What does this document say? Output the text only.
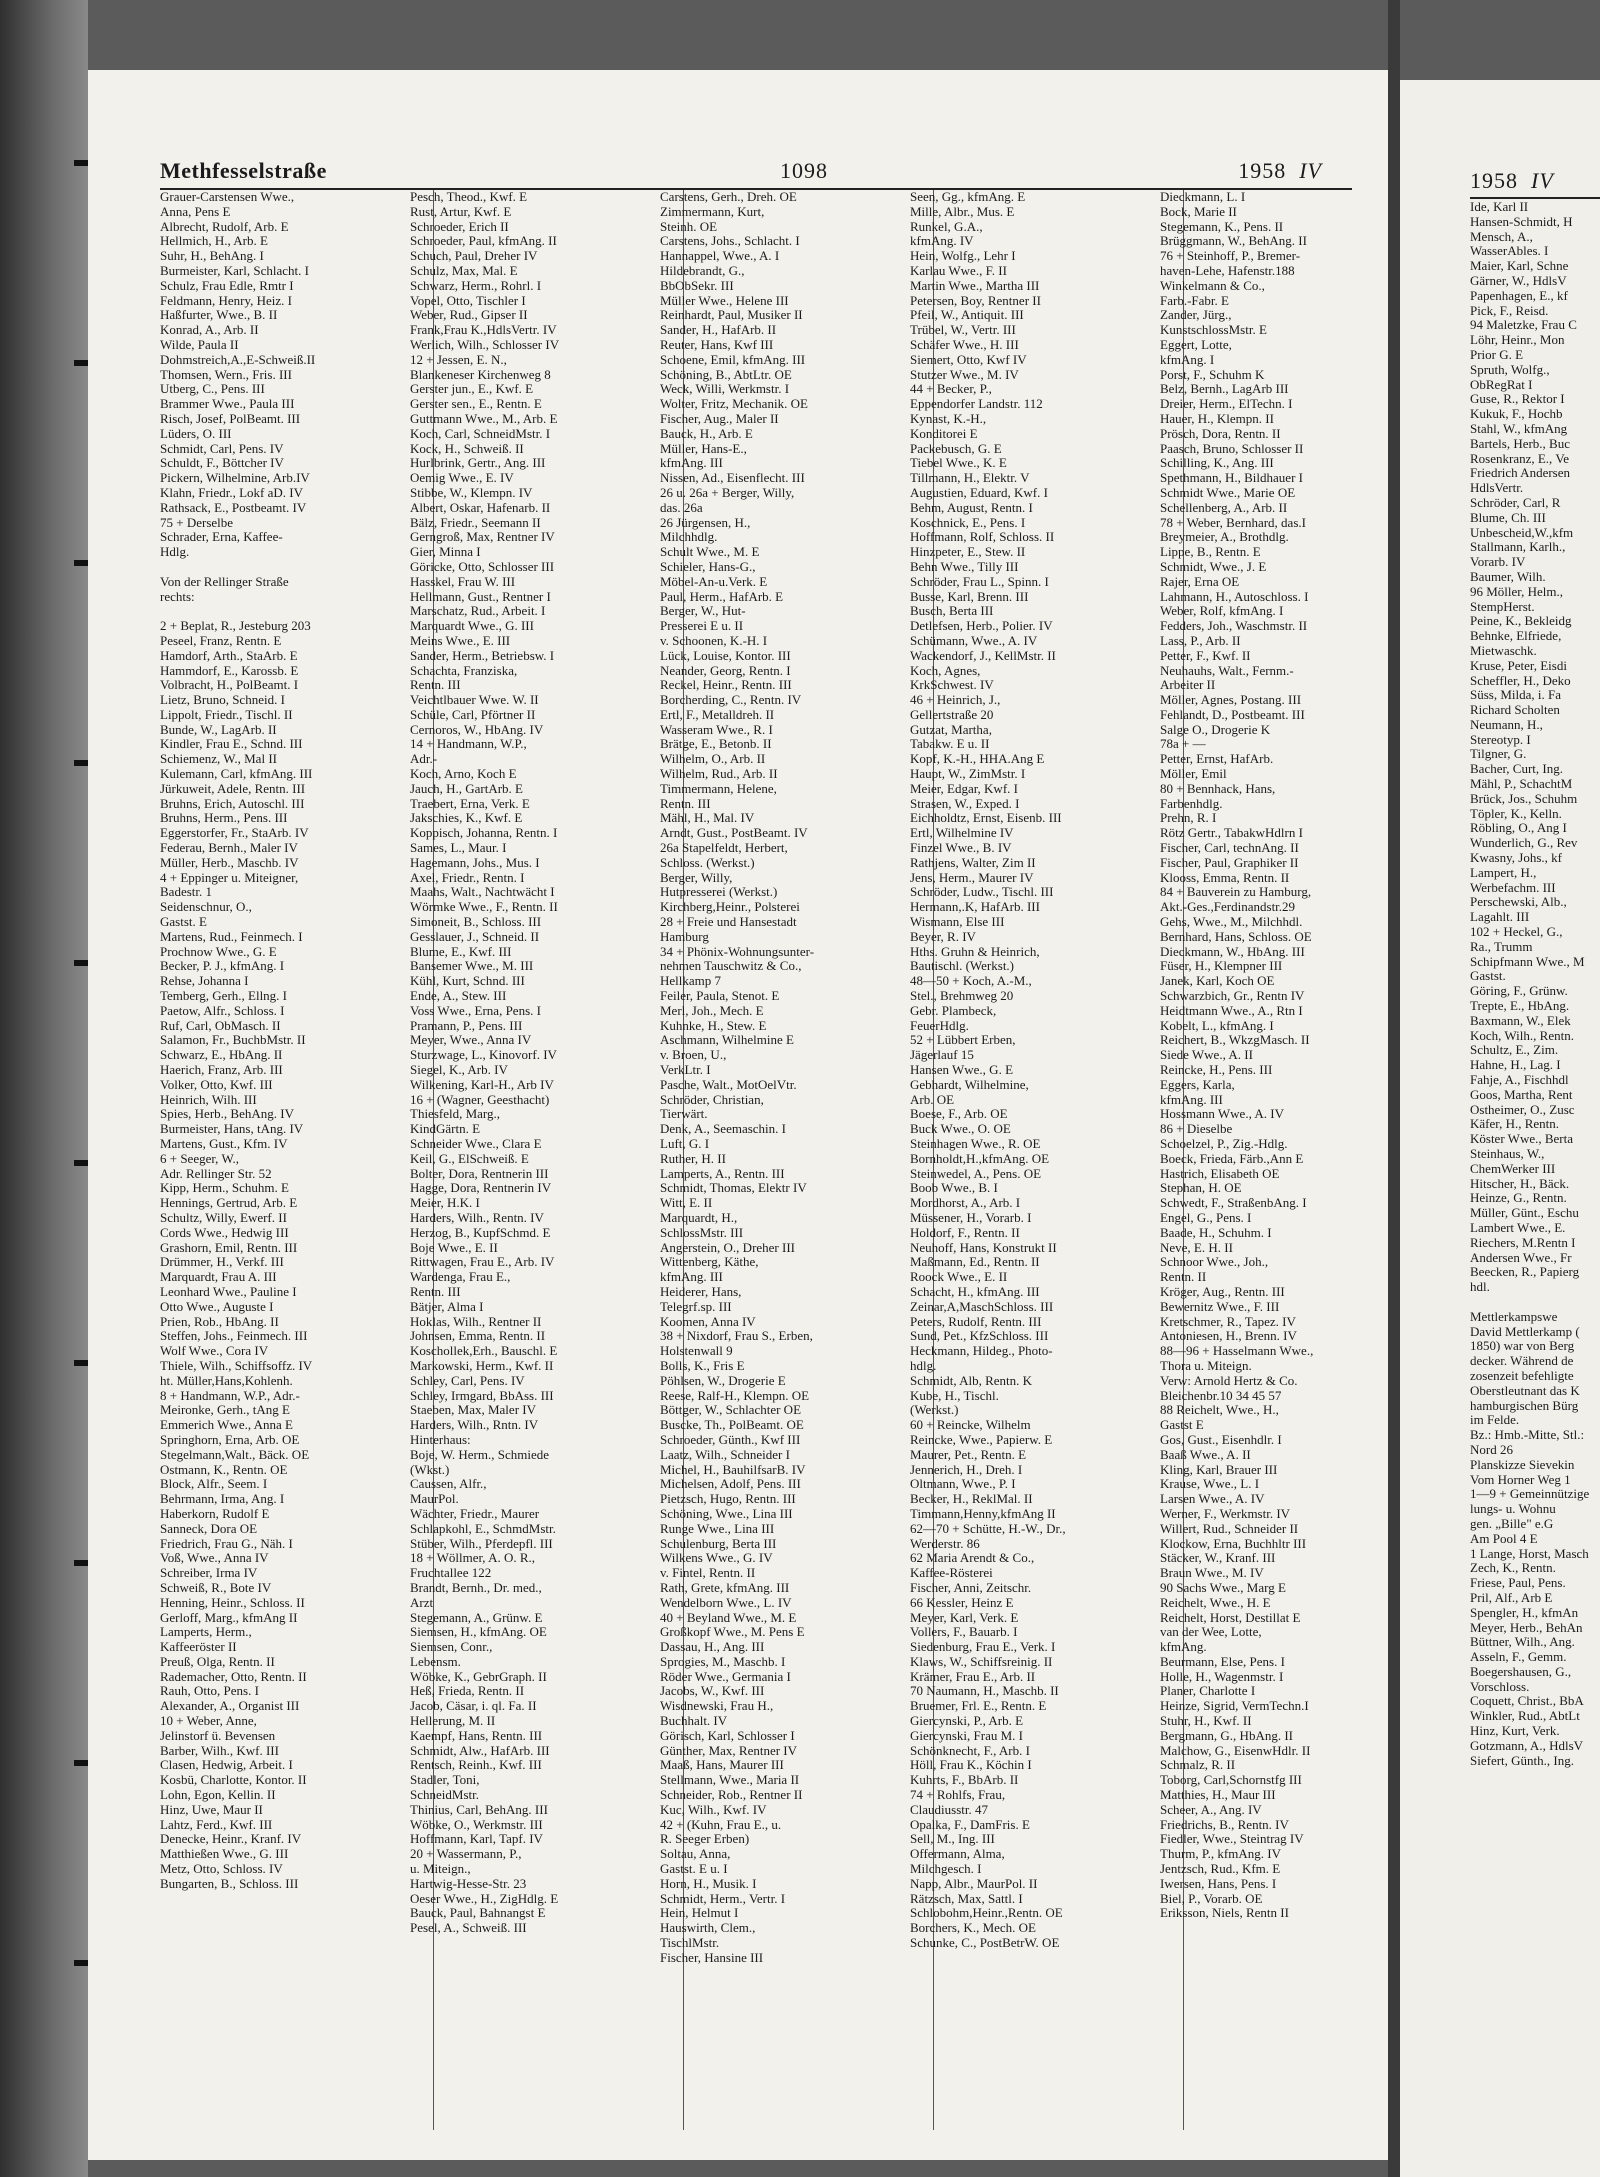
Methfesselstraße	1098	1958 IV
Grauer-Carstensen Wwe.,
Anna, Pens E
Albrecht, Rudolf, Arb. E
Hellmich, H., Arb. E
Suhr, H., BehAng. I
Burmeister, Karl, Schlacht. I
Schulz, Frau Edle, Rmtr I
Feldmann, Henry, Heiz. I
Haßfurter, Wwe., B. II
Konrad, A., Arb. II
Wilde, Paula II
Dohmstreich,A.,E-Schweiß.II
Thomsen, Wern., Fris. III
Utberg, C., Pens. III
Brammer Wwe., Paula III
Risch, Josef, PolBeamt. III
Lüders, O. III
Schmidt, Carl, Pens. IV
Schuldt, F., Böttcher IV
Pickern, Wilhelmine, Arb.IV
Klahn, Friedr., Lokf aD. IV
Rathsack, E., Postbeamt. IV
75 + Derselbe
Schrader, Erna, Kaffee-
Hdlg.

Von der Rellinger Straße
rechts:

2 + Beplat, R., Jesteburg 203
Peseel, Franz, Rentn. E
Hamdorf, Arth., StaArb. E
Hammdorf, E., Karossb. E
Volbracht, H., PolBeamt. I
Lietz, Bruno, Schneid. I
Lippolt, Friedr., Tischl. II
Bunde, W., LagArb. II
Kindler, Frau E., Schnd. III
Schiemenz, W., Mal II
Kulemann, Carl, kfmAng. III
Jürkuweit, Adele, Rentn. III
Bruhns, Erich, Autoschl. III
Bruhns, Herm., Pens. III
Eggerstorfer, Fr., StaArb. IV
Federau, Bernh., Maler IV
Müller, Herb., Maschb. IV
4 + Eppinger u. Miteigner,
Badestr. 1
Seidenschnur, O.,
Gastst. E
Martens, Rud., Feinmech. I
Prochnow Wwe., G. E
Becker, P. J., kfmAng. I
Rehse, Johanna I
Temberg, Gerh., Ellng. I
Paetow, Alfr., Schloss. I
Ruf, Carl, ObMasch. II
Salamon, Fr., BuchbMstr. II
Schwarz, E., HbAng. II
Haerich, Franz, Arb. III
Volker, Otto, Kwf. III
Heinrich, Wilh. III
Spies, Herb., BehAng. IV
Burmeister, Hans, tAng. IV
Martens, Gust., Kfm. IV
6 + Seeger, W.,
Adr. Rellinger Str. 52
Kipp, Herm., Schuhm. E
Hennings, Gertrud, Arb. E
Schultz, Willy, Ewerf. II
Cords Wwe., Hedwig III
Grashorn, Emil, Rentn. III
Drümmer, H., Verkf. III
Marquardt, Frau A. III
Leonhard Wwe., Pauline I
Otto Wwe., Auguste I
Prien, Rob., HbAng. II
Steffen, Johs., Feinmech. III
Wolf Wwe., Cora IV
Thiele, Wilh., Schiffsoffz. IV
ht. Müller,Hans,Kohlenh.
8 + Handmann, W.P., Adr.-
Meironke, Gerh., tAng E
Emmerich Wwe., Anna E
Springhorn, Erna, Arb. OE
Stegelmann,Walt., Bäck. OE
Ostmann, K., Rentn. OE
Block, Alfr., Seem. I
Behrmann, Irma, Ang. I
Haberkorn, Rudolf E
Sanneck, Dora OE
Friedrich, Frau G., Näh. I
Voß, Wwe., Anna IV
Schreiber, Irma IV
Schweiß, R., Bote IV
Henning, Heinr., Schloss. II
Gerloff, Marg., kfmAng II
Lamperts, Herm.,
Kaffeeröster II
Preuß, Olga, Rentn. II
Rademacher, Otto, Rentn. II
Rauh, Otto, Pens. I
Alexander, A., Organist III
10 + Weber, Anne,
Jelinstorf ü. Bevensen
Barber, Wilh., Kwf. III
Clasen, Hedwig, Arbeit. I
Kosbü, Charlotte, Kontor. II
Lohn, Egon, Kellin. II
Hinz, Uwe, Maur II
Lahtz, Ferd., Kwf. III
Denecke, Heinr., Kranf. IV
Matthießen Wwe., G. III
Metz, Otto, Schloss. IV
Bungarten, B., Schloss. III
Pesch, Theod., Kwf. E
Rust, Artur, Kwf. E
Schroeder, Erich II
Schroeder, Paul, kfmAng. II
Schuch, Paul, Dreher IV
Schulz, Max, Mal. E
Schwarz, Herm., Rohrl. I
Vopel, Otto, Tischler I
Weber, Rud., Gipser II
Frank,Frau K.,HdlsVertr. IV
Werlich, Wilh., Schlosser IV
12 + Jessen, E. N.,
Blankeneser Kirchenweg 8
Gerster jun., E., Kwf. E
Gerster sen., E., Rentn. E
Guttmann Wwe., M., Arb. E
Koch, Carl, SchneidMstr. I
Kock, H., Schweiß. II
Hurlbrink, Gertr., Ang. III
Oemig Wwe., E. IV
Stibbe, W., Klempn. IV
Albert, Oskar, Hafenarb. II
Bälz, Friedr., Seemann II
Gerngroß, Max, Rentner IV
Gier, Minna I
Göricke, Otto, Schlosser III
Hasskel, Frau W. III
Hellmann, Gust., Rentner I
Marschatz, Rud., Arbeit. I
Marquardt Wwe., G. III
Meins Wwe., E. III
Sander, Herm., Betriebsw. I
Schachta, Franziska,
Rentn. III
Veichtlbauer Wwe. W. II
Schüle, Carl, Pförtner II
Cernoros, W., HbAng. IV
14 + Handmann, W.P.,
Adr.-
Koch, Arno, Koch E
Jauch, H., GartArb. E
Traebert, Erna, Verk. E
Jakschies, K., Kwf. E
Koppisch, Johanna, Rentn. I
Sames, L., Maur. I
Hagemann, Johs., Mus. I
Axel, Friedr., Rentn. I
Maahs, Walt., Nachtwächt I
Wörmke Wwe., F., Rentn. II
Simoneit, B., Schloss. III
Gesslauer, J., Schneid. II
Blume, E., Kwf. III
Bansemer Wwe., M. III
Kühl, Kurt, Schnd. III
Ende, A., Stew. III
Voss Wwe., Erna, Pens. I
Pramann, P., Pens. III
Meyer, Wwe., Anna IV
Sturzwage, L., Kinovorf. IV
Siegel, K., Arb. IV
Wilkening, Karl-H., Arb IV
16 + (Wagner, Geesthacht)
Thiesfeld, Marg.,
KindGärtn. E
Schneider Wwe., Clara E
Keil, G., ElSchweiß. E
Bolter, Dora, Rentnerin III
Hagge, Dora, Rentnerin IV
Meier, H.K. I
Harders, Wilh., Rentn. IV
Herzog, B., KupfSchmd. E
Boje Wwe., E. II
Rittwagen, Frau E., Arb. IV
Wardenga, Frau E.,
Rentn. III
Bätjer, Alma I
Hoklas, Wilh., Rentner II
Johnsen, Emma, Rentn. II
Koschollek,Erh., Bauschl. E
Markowski, Herm., Kwf. II
Schley, Carl, Pens. IV
Schley, Irmgard, BbAss. III
Staeben, Max, Maler IV
Harders, Wilh., Rntn. IV
Hinterhaus:
Boje, W. Herm., Schmiede
(Wkst.)
Caussen, Alfr.,
MaurPol.
Wächter, Friedr., Maurer
Schlapkohl, E., SchmdMstr.
Stüber, Wilh., Pferdepfl. III
18 + Wöllmer, A. O. R.,
Fruchtallee 122
Brandt, Bernh., Dr. med.,
Arzt
Stegemann, A., Grünw. E
Siemsen, H., kfmAng. OE
Siemsen, Conr.,
Lebensm.
Wöbke, K., GebrGraph. II
Heß, Frieda, Rentn. II
Jacob, Cäsar, i. ql. Fa. II
Hellerung, M. II
Kaempf, Hans, Rentn. III
Schmidt, Alw., HafArb. III
Rentsch, Reinh., Kwf. III
Stadler, Toni,
SchneidMstr.
Thinius, Carl, BehAng. III
Wöbke, O., Werkmstr. III
Hoffmann, Karl, Tapf. IV
20 + Wassermann, P.,
u. Miteign.,
Hartwig-Hesse-Str. 23
Oeser Wwe., H., ZigHdlg. E
Bauck, Paul, Bahnangst E
Pesel, A., Schweiß. III
Carstens, Gerh., Dreh. OE
Zimmermann, Kurt,
Steinh. OE
Carstens, Johs., Schlacht. I
Hannappel, Wwe., A. I
Hildebrandt, G.,
BbObSekr. III
Müller Wwe., Helene III
Reinhardt, Paul, Musiker II
Sander, H., HafArb. II
Reuter, Hans, Kwf III
Schoene, Emil, kfmAng. III
Schöning, B., AbtLtr. OE
Weck, Willi, Werkmstr. I
Wolter, Fritz, Mechanik. OE
Fischer, Aug., Maler II
Bauck, H., Arb. E
Müller, Hans-E.,
kfmAng. III
Nissen, Ad., Eisenflecht. III
26 u. 26a + Berger, Willy,
das. 26a
26 Jürgensen, H.,
Milchhdlg.
Schult Wwe., M. E
Schieler, Hans-G.,
Möbel-An-u.Verk. E
Paul, Herm., HafArb. E
Berger, W., Hut-
Presserei E u. II
v. Schoonen, K.-H. I
Lück, Louise, Kontor. III
Neander, Georg, Rentn. I
Reckel, Heinr., Rentn. III
Borcherding, C., Rentn. IV
Ertl, F., Metalldreh. II
Wasseram Wwe., R. I
Brätge, E., Betonb. II
Wilhelm, O., Arb. II
Wilhelm, Rud., Arb. II
Timmermann, Helene,
Rentn. III
Mähl, H., Mal. IV
Arndt, Gust., PostBeamt. IV
26a Stapelfeldt, Herbert,
Schloss. (Werkst.)
Berger, Willy,
Hutpresserei (Werkst.)
Kirchberg,Heinr., Polsterei
28 + Freie und Hansestadt
Hamburg
34 + Phönix-Wohnungsunter-
nehmen Tauschwitz & Co.,
Hellkamp 7
Feiler, Paula, Stenot. E
Merl, Joh., Mech. E
Kuhnke, H., Stew. E
Aschmann, Wilhelmine E
v. Broen, U.,
VerkLtr. I
Pasche, Walt., MotOelVtr.
Schröder, Christian,
Tierwärt.
Denk, A., Seemaschin. I
Luft, G. I
Ruther, H. II
Lamperts, A., Rentn. III
Schmidt, Thomas, Elektr IV
Witt, E. II
Marquardt, H.,
SchlossMstr. III
Angerstein, O., Dreher III
Wittenberg, Käthe,
kfmAng. III
Heiderer, Hans,
Telegrf.sp. III
Koomen, Anna IV
38 + Nixdorf, Frau S., Erben,
Holstenwall 9
Bolls, K., Fris E
Pöhlsen, W., Drogerie E
Reese, Ralf-H., Klempn. OE
Böttger, W., Schlachter OE
Buscke, Th., PolBeamt. OE
Schroeder, Günth., Kwf III
Laatz, Wilh., Schneider I
Michel, H., BauhilfsarB. IV
Michelsen, Adolf, Pens. III
Pietzsch, Hugo, Rentn. III
Schöning, Wwe., Lina III
Runge Wwe., Lina III
Schulenburg, Berta III
Wilkens Wwe., G. IV
v. Fintel, Rentn. II
Rath, Grete, kfmAng. III
Wendelborn Wwe., L. IV
40 + Beyland Wwe., M. E
Großkopf Wwe., M. Pens E
Dassau, H., Ang. III
Sprogies, M., Maschb. I
Röder Wwe., Germania I
Jacobs, W., Kwf. III
Wisdnewski, Frau H.,
Buchhalt. IV
Görisch, Karl, Schlosser I
Günther, Max, Rentner IV
Maaß, Hans, Maurer III
Stellmann, Wwe., Maria II
Schneider, Rob., Rentner II
Kuc, Wilh., Kwf. IV
42 + (Kuhn, Frau E., u.
R. Seeger Erben)
Soltau, Anna,
Gastst. E u. I
Horn, H., Musik. I
Schmidt, Herm., Vertr. I
Hein, Helmut I
Hauswirth, Clem.,
TischlMstr.
Fischer, Hansine III
Seen, Gg., kfmAng. E
Mille, Albr., Mus. E
Runkel, G.A.,
kfmAng. IV
Hein, Wolfg., Lehr I
Karlau Wwe., F. II
Martin Wwe., Martha III
Petersen, Boy, Rentner II
Pfeil, W., Antiquit. III
Trübel, W., Vertr. III
Schäfer Wwe., H. III
Siemert, Otto, Kwf IV
Stutzer Wwe., M. IV
44 + Becker, P.,
Eppendorfer Landstr. 112
Kynast, K.-H.,
Konditorei E
Packebusch, G. E
Tiebel Wwe., K. E
Tillmann, H., Elektr. V
Augustien, Eduard, Kwf. I
Behm, August, Rentn. I
Koschnick, E., Pens. I
Hoffmann, Rolf, Schloss. II
Hinzpeter, E., Stew. II
Behn Wwe., Tilly III
Schröder, Frau L., Spinn. I
Busse, Karl, Brenn. III
Busch, Berta III
Detlefsen, Herb., Polier. IV
Schümann, Wwe., A. IV
Wackendorf, J., KellMstr. II
Koch, Agnes,
KrkSchwest. IV
46 + Heinrich, J.,
Gellertstraße 20
Gutzat, Martha,
Tabakw. E u. II
Kopf, K.-H., HHA.Ang E
Haupt, W., ZimMstr. I
Meier, Edgar, Kwf. I
Strasen, W., Exped. I
Eichholdtz, Ernst, Eisenb. III
Ertl, Wilhelmine IV
Finzel Wwe., B. IV
Rathjens, Walter, Zim II
Jens, Herm., Maurer IV
Schröder, Ludw., Tischl. III
Hermann,.K, HafArb. III
Wismann, Else III
Beyer, R. IV
Hths. Gruhn & Heinrich,
Bautischl. (Werkst.)
48—50 + Koch, A.-M.,
Stel., Brehmweg 20
Gebr. Plambeck,
FeuerHdlg.
52 + Lübbert Erben,
Jägerlauf 15
Hansen Wwe., G. E
Gebhardt, Wilhelmine,
Arb. OE
Boese, F., Arb. OE
Buck Wwe., O. OE
Steinhagen Wwe., R. OE
Bornholdt,H.,kfmAng. OE
Steinwedel, A., Pens. OE
Boob Wwe., B. I
Mordhorst, A., Arb. I
Müssener, H., Vorarb. I
Holdorf, F., Rentn. II
Neuhoff, Hans, Konstrukt II
Maßmann, Ed., Rentn. II
Roock Wwe., E. II
Schacht, H., kfmAng. III
Zeinar,A,MaschSchloss. III
Peters, Rudolf, Rentn. III
Sund, Pet., KfzSchloss. III
Heckmann, Hildeg., Photo-
hdlg.
Schmidt, Alb, Rentn. K
Kube, H., Tischl.
(Werkst.)
60 + Reincke, Wilhelm
Reincke, Wwe., Papierw. E
Maurer, Pet., Rentn. E
Jennerich, H., Dreh. I
Oltmann, Wwe., P. I
Becker, H., ReklMal. II
Timmann,Henny,kfmAng II
62—70 + Schütte, H.-W., Dr.,
Werderstr. 86
62 Maria Arendt & Co.,
Kaffee-Rösterei
Fischer, Anni, Zeitschr.
66 Kessler, Heinz E
Meyer, Karl, Verk. E
Vollers, F., Bauarb. I
Siedenburg, Frau E., Verk. I
Klaws, W., Schiffsreinig. II
Krämer, Frau E., Arb. II
70 Naumann, H., Maschb. II
Bruemer, Frl. E., Rentn. E
Giercynski, P., Arb. E
Giercynski, Frau M. I
Schönknecht, F., Arb. I
Höll, Frau K., Köchin I
Kuhrts, F., BbArb. II
74 + Rohlfs, Frau,
Claudiusstr. 47
Opalka, F., DamFris. E
Sell, M., Ing. III
Offermann, Alma,
Milchgesch. I
Napp, Albr., MaurPol. II
Rätzsch, Max, Sattl. I
Schlobohm,Heinr.,Rentn. OE
Borchers, K., Mech. OE
Schunke, C., PostBetrW. OE
Dieckmann, L. I
Bock, Marie II
Stegemann, K., Pens. II
Brüggmann, W., BehAng. II
76 + Steinhoff, P., Bremer-
haven-Lehe, Hafenstr.188
Winkelmann & Co.,
Farb.-Fabr. E
Zander, Jürg.,
KunstschlossMstr. E
Eggert, Lotte,
kfmAng. I
Porst, F., Schuhm K
Belz, Bernh., LagArb III
Dreier, Herm., ElTechn. I
Hauer, H., Klempn. II
Prösch, Dora, Rentn. II
Paasch, Bruno, Schlosser II
Schilling, K., Ang. III
Spethmann, H., Bildhauer I
Schmidt Wwe., Marie OE
Schellenberg, A., Arb. II
78 + Weber, Bernhard, das.I
Breymeier, A., Brothdlg.
Lippe, B., Rentn. E
Schmidt, Wwe., J. E
Rajer, Erna OE
Lahmann, H., Autoschloss. I
Weber, Rolf, kfmAng. I
Fedders, Joh., Waschmstr. II
Lass, P., Arb. II
Petter, F., Kwf. II
Neuhauhs, Walt., Fernm.-
Arbeiter II
Möller, Agnes, Postang. III
Fehlandt, D., Postbeamt. III
Salge O., Drogerie K
78a + —
Petter, Ernst, HafArb.
Möller, Emil
80 + Bennhack, Hans,
Farbenhdlg.
Prehn, R. I
Rötz Gertr., TabakwHdlrn I
Fischer, Carl, technAng. II
Fischer, Paul, Graphiker II
Klooss, Emma, Rentn. II
84 + Bauverein zu Hamburg,
Akt.-Ges.,Ferdinandstr.29
Gehs, Wwe., M., Milchhdl.
Bernhard, Hans, Schloss. OE
Dieckmann, W., HbAng. III
Füser, H., Klempner III
Janek, Karl, Koch OE
Schwarzbich, Gr., Rentn IV
Heidtmann Wwe., A., Rtn I
Kobelt, L., kfmAng. I
Reichert, B., WkzgMasch. II
Siede Wwe., A. II
Reincke, H., Pens. III
Eggers, Karla,
kfmAng. III
Hossmann Wwe., A. IV
86 + Dieselbe
Schoelzel, P., Zig.-Hdlg.
Boeck, Frieda, Färb.,Ann E
Hastrich, Elisabeth OE
Stephan, H. OE
Schwedt, F., StraßenbAng. I
Engel, G., Pens. I
Baade, H., Schuhm. I
Neve, E. H. II
Schnoor Wwe., Joh.,
Rentn. II
Kröger, Aug., Rentn. III
Bewernitz Wwe., F. III
Kretschmer, R., Tapez. IV
Antoniesen, H., Brenn. IV
88—96 + Hasselmann Wwe.,
Thora u. Miteign.
Verw: Arnold Hertz & Co.
Bleichenbr.10 34 45 57
88 Reichelt, Wwe., H.,
Gastst E
Gos, Gust., Eisenhdlr. I
Baaß Wwe., A. II
Kling, Karl, Brauer III
Krause, Wwe., L. I
Larsen Wwe., A. IV
Werner, F., Werkmstr. IV
Willert, Rud., Schneider II
Klockow, Erna, Buchhltr III
Stäcker, W., Kranf. III
Braun Wwe., M. IV
90 Sachs Wwe., Marg E
Reichelt, Wwe., H. E
Reichelt, Horst, Destillat E
van der Wee, Lotte,
kfmAng.
Beurmann, Else, Pens. I
Holle, H., Wagenmstr. I
Planer, Charlotte I
Heinze, Sigrid, VermTechn.I
Stuhr, H., Kwf. II
Bergmann, G., HbAng. II
Malchow, G., EisenwHdlr. II
Schmalz, R. II
Toborg, Carl,Schornstfg III
Matthies, H., Maur III
Scheer, A., Ang. IV
Friedrichs, B., Rentn. IV
Fiedler, Wwe., Steintrag IV
Thurm, P., kfmAng. IV
Jentzsch, Rud., Kfm. E
Iwersen, Hans, Pens. I
Biel, P., Vorarb. OE
Eriksson, Niels, Rentn II
1958 IV
Ide, Karl II
Hansen-Schmidt, H
Mensch, A.,
WasserAbles. I
Maier, Karl, Schne
Gärner, W., HdlsV
Papenhagen, E., kf
Pick, F., Reisd.
94 Maletzke, Frau C
Löhr, Heinr., Mon
Prior G. E
Spruth, Wolfg.,
ObRegRat I
Guse, R., Rektor I
Kukuk, F., Hochb
Stahl, W., kfmAng
Bartels, Herb., Buc
Rosenkranz, E., Ve
Friedrich Andersen
HdlsVertr.
Schröder, Carl, R
Blume, Ch. III
Unbescheid,W.,kfm
Stallmann, Karlh.,
Vorarb. IV
Baumer, Wilh.
96 Möller, Helm.,
StempHerst.
Peine, K., Bekleidg
Behnke, Elfriede,
Mietwaschk.
Kruse, Peter, Eisdi
Scheffler, H., Deko
Süss, Milda, i. Fa
Richard Scholten
Neumann, H.,
Stereotyp. I
Tilgner, G.
Bacher, Curt, Ing.
Mähl, P., SchachtM
Brück, Jos., Schuhm
Töpler, K., Kelln.
Röbling, O., Ang I
Wunderlich, G., Rev
Kwasny, Johs., kf
Lampert, H.,
Werbefachm. III
Perschewski, Alb.,
Lagahlt. III
102 + Heckel, G.,
Ra., Trumm
Schipfmann Wwe., M
Gastst.
Göring, F., Grünw.
Trepte, E., HbAng.
Baxmann, W., Elek
Koch, Wilh., Rentn.
Schultz, E., Zim.
Hahne, H., Lag. I
Fahje, A., Fischhdl
Goos, Martha, Rent
Ostheimer, O., Zusc
Käfer, H., Rentn.
Köster Wwe., Berta
Steinhaus, W.,
ChemWerker III
Hitscher, H., Bäck.
Heinze, G., Rentn.
Müller, Günt., Eschu
Lambert Wwe., E.
Riechers, M.Rentn I
Andersen Wwe., Fr
Beecken, R., Papierg
hdl.

Mettlerkampswe
David Mettlerkamp (
1850) war von Berg
decker. Während de
zosenzeit befehligte
Oberstleutnant das K
hamburgischen Bürg
im Felde.
Bz.: Hmb.-Mitte, Stl.:
Nord 26
Planskizze Sievekin
Vom Horner Weg 1
1—9 + Gemeinnützige
lungs- u. Wohnu
gen. „Bille" e.G
Am Pool 4 E
1 Lange, Horst, Masch
Zech, K., Rentn.
Friese, Paul, Pens.
Pril, Alf., Arb E
Spengler, H., kfmAn
Meyer, Herb., BehAn
Büttner, Wilh., Ang.
Asseln, F., Gemm.
Boegershausen, G.,
Vorschloss.
Coquett, Christ., BbA
Winkler, Rud., AbtLt
Hinz, Kurt, Verk.
Gotzmann, A., HdlsV
Siefert, Günth., Ing.
